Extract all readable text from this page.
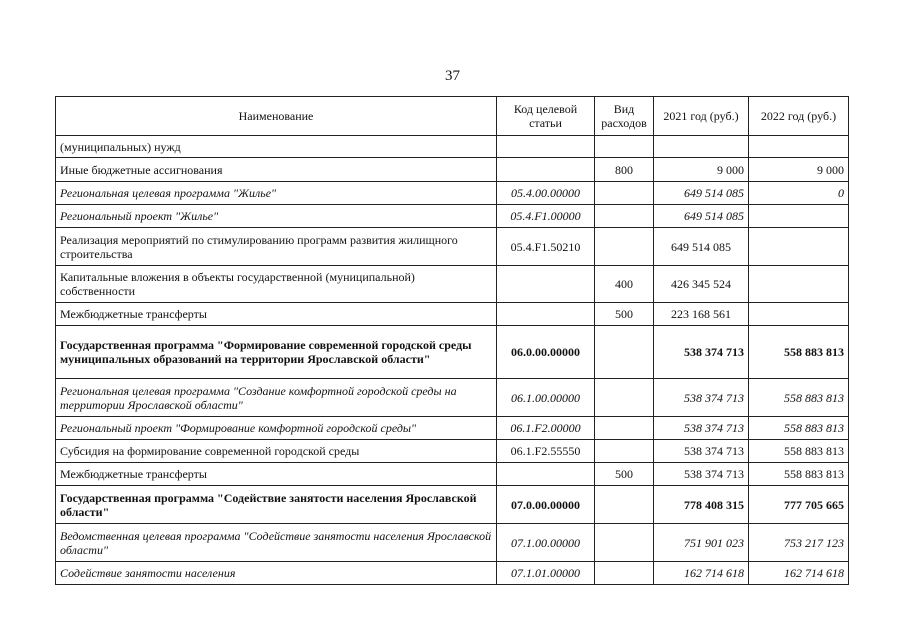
37
Наименование	Код целевой статьи	Вид расходов	2021 год (руб.)	2022 год (руб.)
(муниципальных) нужд				
Иные бюджетные ассигнования		800	9 000	9 000
Региональная целевая программа "Жилье"	05.4.00.00000		649 514 085	0
Региональный проект "Жилье"	05.4.F1.00000		649 514 085	
Реализация мероприятий по стимулированию программ развития жилищного строительства	05.4.F1.50210		649 514 085	
Капитальные вложения в объекты государственной (муниципальной) собственности		400	426 345 524	
Межбюджетные трансферты		500	223 168 561	
Государственная программа "Формирование современной городской среды муниципальных образований на территории Ярославской области"	06.0.00.00000		538 374 713	558 883 813
Региональная целевая программа "Создание комфортной городской среды на территории Ярославской области"	06.1.00.00000		538 374 713	558 883 813
Региональный проект "Формирование комфортной городской среды"	06.1.F2.00000		538 374 713	558 883 813
Субсидия на формирование современной городской среды	06.1.F2.55550		538 374 713	558 883 813
Межбюджетные трансферты		500	538 374 713	558 883 813
Государственная программа "Содействие занятости населения Ярославской области"	07.0.00.00000		778 408 315	777 705 665
Ведомственная целевая программа "Содействие занятости населения Ярославской области"	07.1.00.00000		751 901 023	753 217 123
Содействие занятости населения	07.1.01.00000		162 714 618	162 714 618
